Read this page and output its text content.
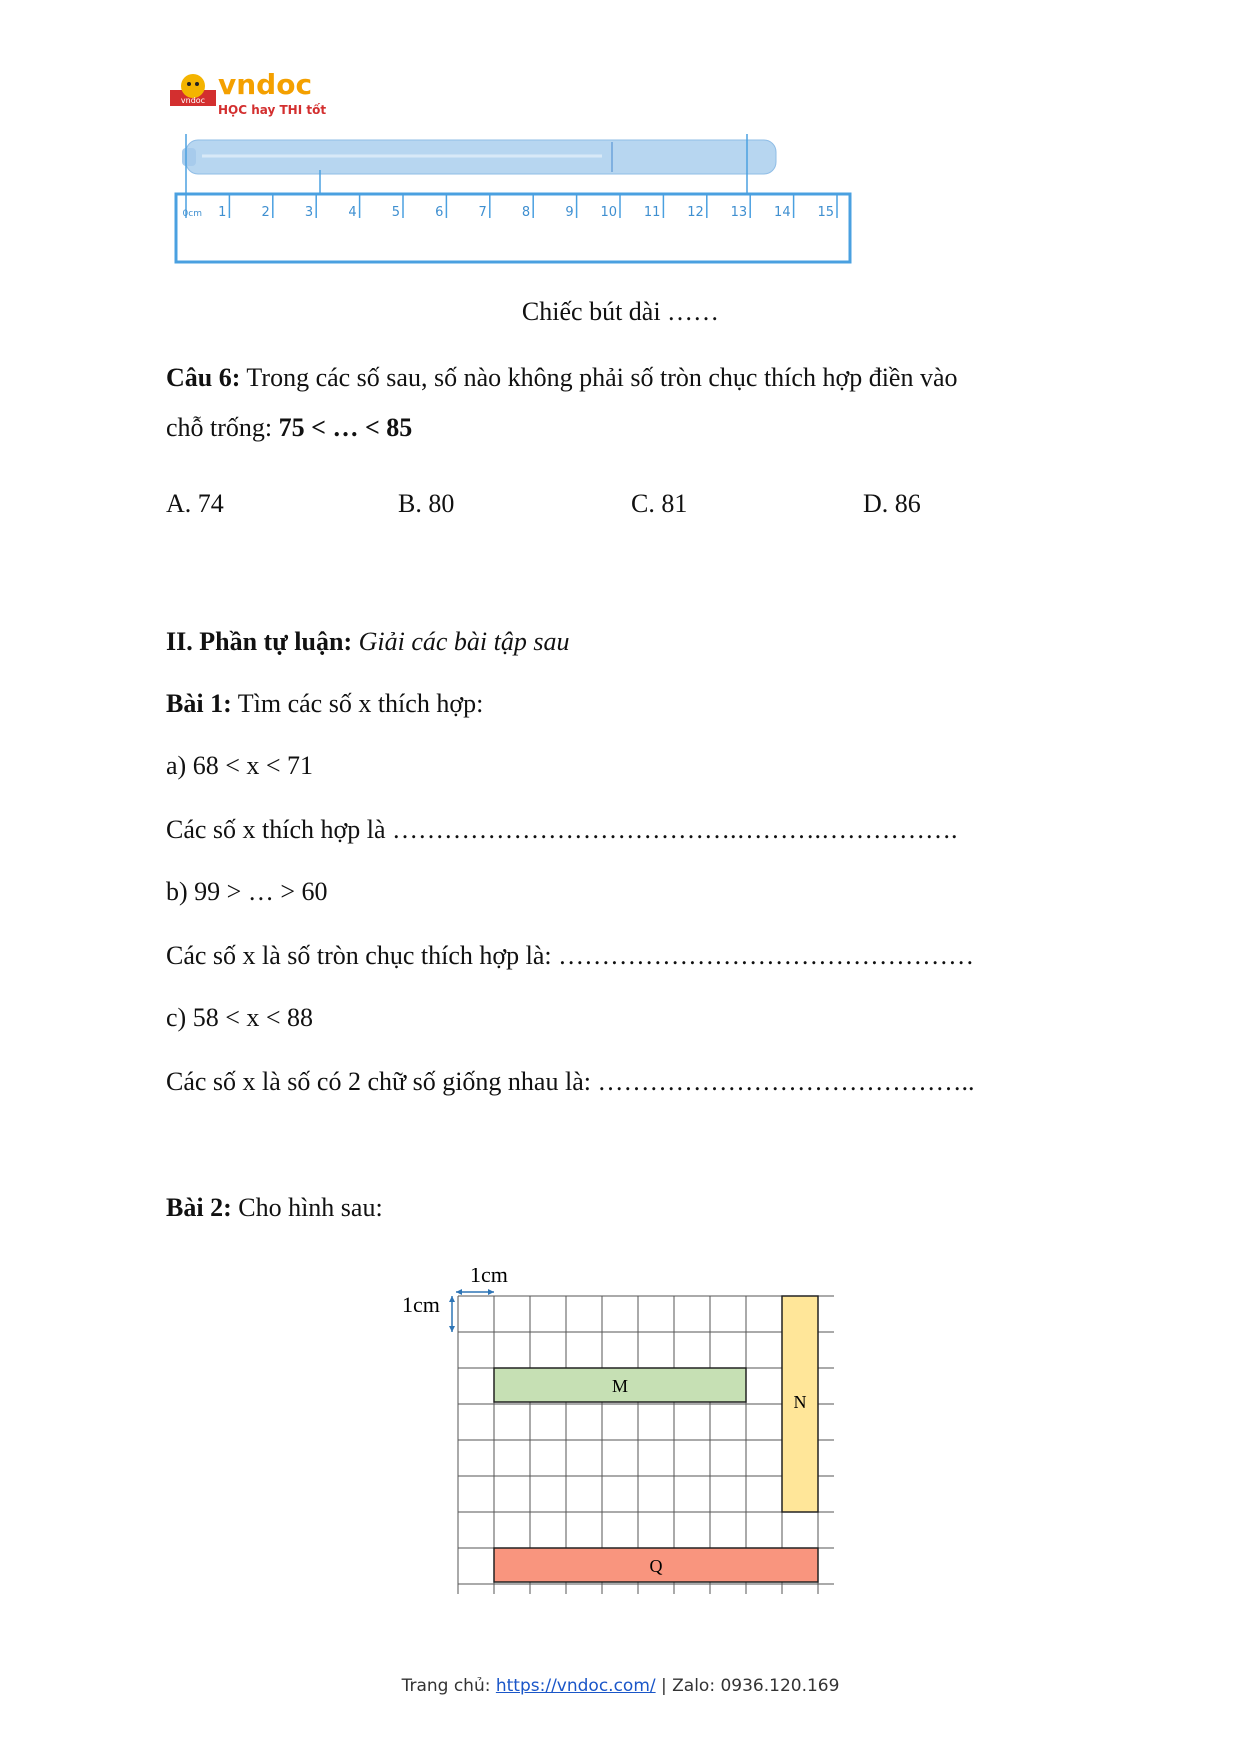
vndoc vndoc
HỌC hay THI tốt
0cm 1	2	3	4	5	6	7	8	9 10 11 12 13 14 15
Chiếc bút dài ……
Câu 6: Trong các số sau, số nào không phải số tròn chục thích hợp điền vào
chỗ trống: 75 < … < 85
A. 74	B. 80	C. 81	D. 86
II. Phần tự luận: Giải các bài tập sau
Bài 1: Tìm các số x thích hợp:
a) 68 < x < 71
Các số x thích hợp là ………………………………….……….…………….
b) 99 > … > 60
Các số x là số tròn chục thích hợp là: …………………………………………
c) 58 < x < 88
Các số x là số có 2 chữ số giống nhau là: ……………………………………..
Bài 2: Cho hình sau:
1cm
1cm
M
N
Q
Trang chủ: https://vndoc.com/ | Zalo: 0936.120.169
